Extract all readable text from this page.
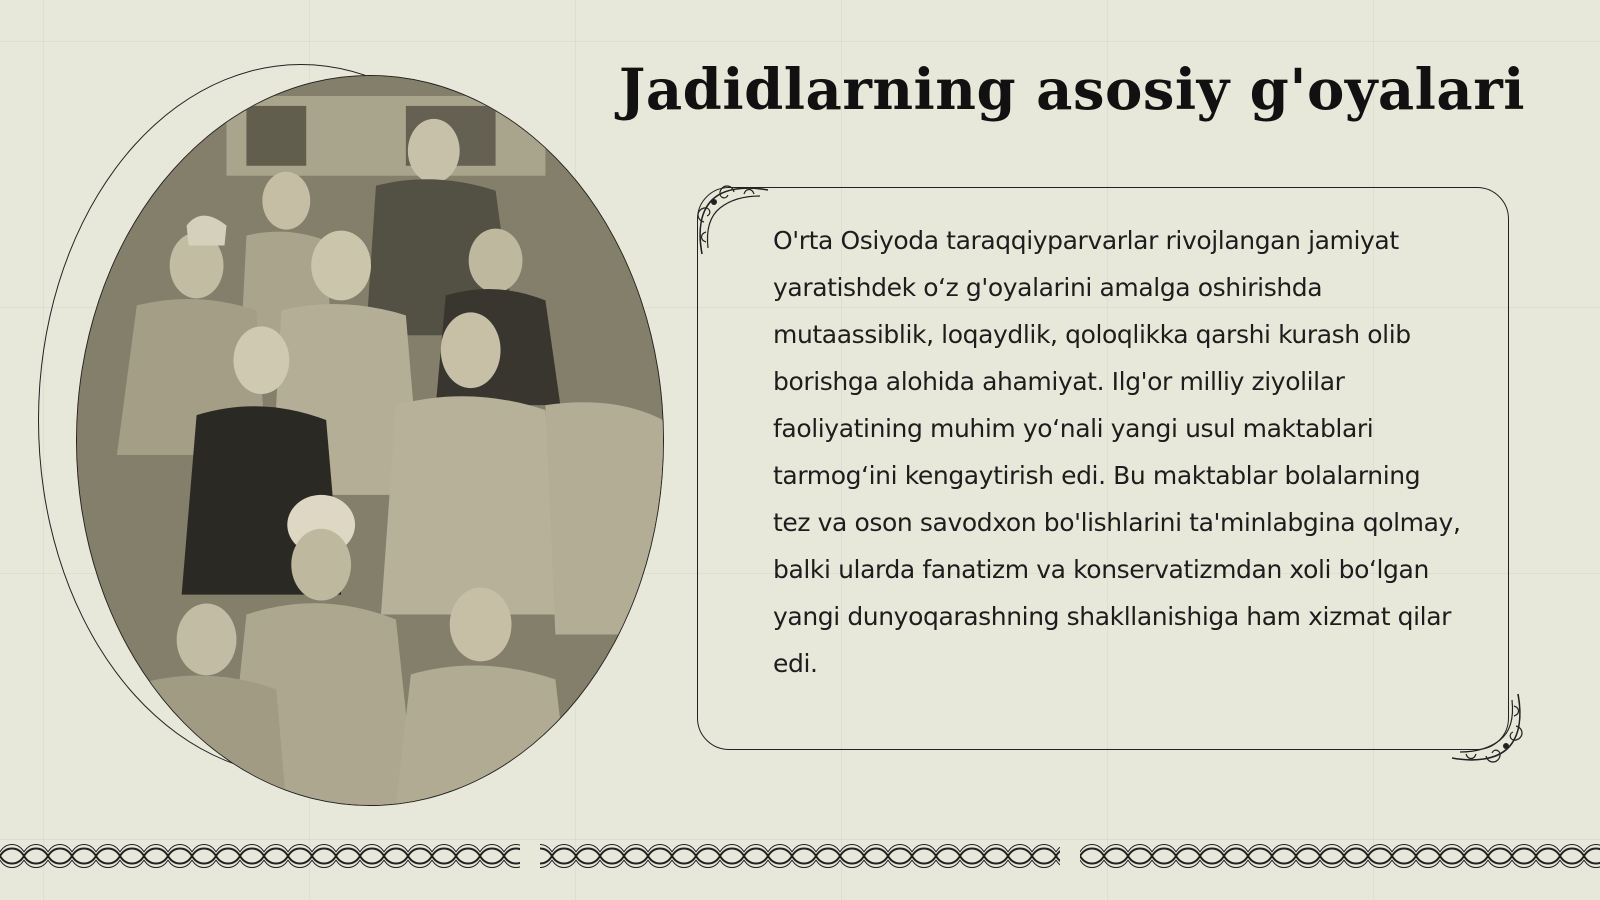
Jadidlarning asosiy g'oyalari

O'rta Osiyoda taraqqiyparvarlar rivojlangan jamiyat yaratishdek o‘z g'oyalarini amalga oshirishda mutaassiblik, loqaydlik, qoloqlikka qarshi kurash olib borishga alohida ahamiyat. Ilg'or milliy ziyolilar faoliyatining muhim yo‘nali yangi usul maktablari tarmog‘ini kengaytirish edi. Bu maktablar bolalarning tez va oson savodxon bo'lishlarini ta'minlabgina qolmay, balki ularda fanatizm va konservatizmdan xoli bo‘lgan yangi dunyoqarashning shakllanishiga ham xizmat qilar edi.
